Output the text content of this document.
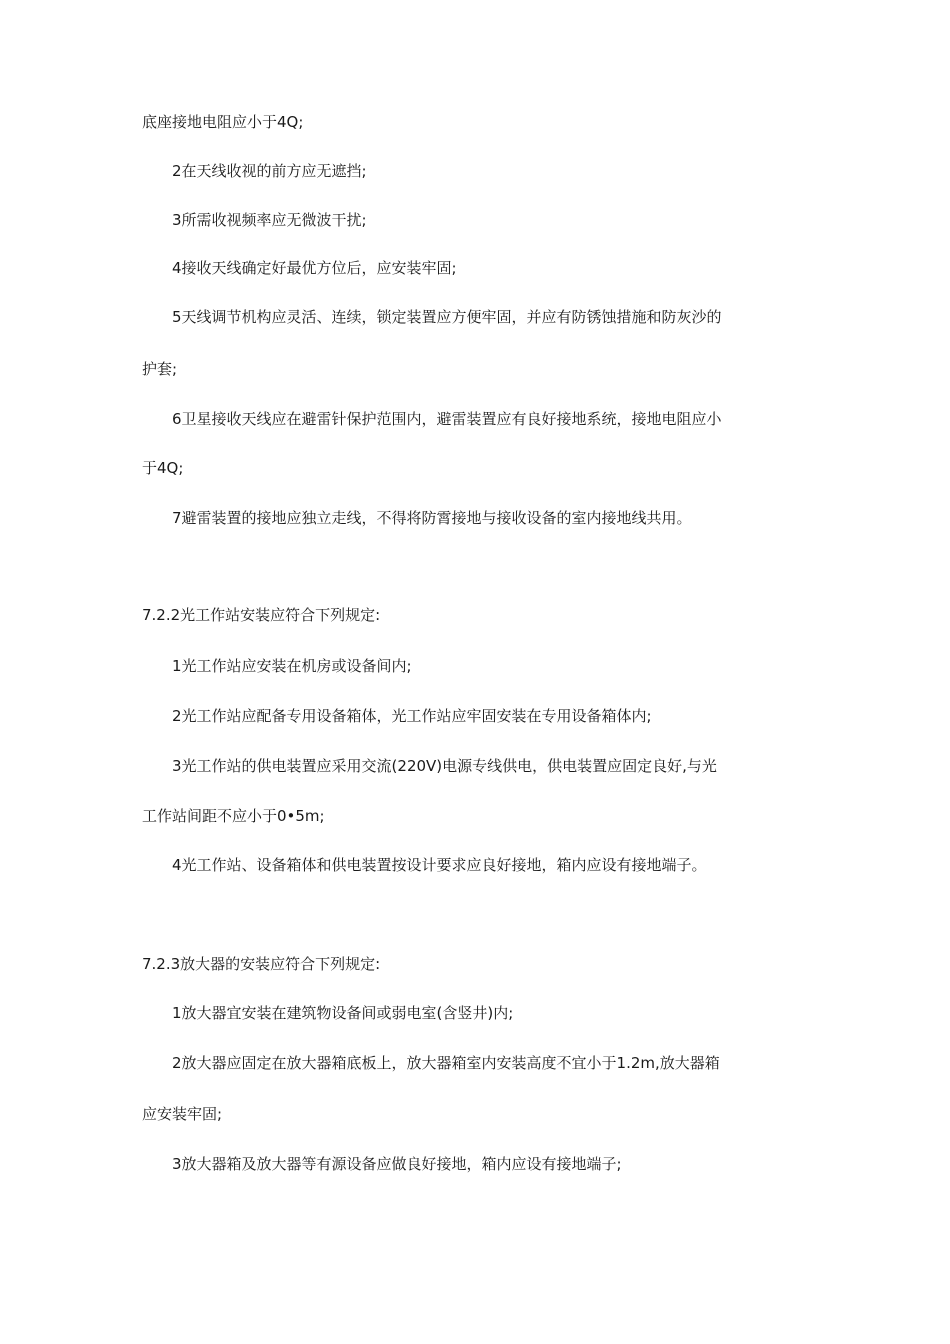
底座接地电阻应小于4Q;
2在天线收视的前方应无遮挡;
3所需收视频率应无微波干扰;
4接收天线确定好最优方位后，应安装牢固;
5天线调节机构应灵活、连续，锁定装置应方便牢固，并应有防锈蚀措施和防灰沙的
护套;
6卫星接收天线应在避雷针保护范围内，避雷装置应有良好接地系统，接地电阻应小
于4Q;
7避雷装置的接地应独立走线，不得将防霄接地与接收设备的室内接地线共用。
7.2.2光工作站安装应符合下列规定:
1光工作站应安装在机房或设备间内;
2光工作站应配备专用设备箱体，光工作站应牢固安装在专用设备箱体内;
3光工作站的供电装置应采用交流(220V)电源专线供电，供电装置应固定良好,与光
工作站间距不应小于0•5m;
4光工作站、设备箱体和供电装置按设计要求应良好接地，箱内应设有接地端子。
7.2.3放大器的安装应符合下列规定:
1放大器宜安装在建筑物设备间或弱电室(含竖井)内;
2放大器应固定在放大器箱底板上，放大器箱室内安装高度不宜小于1.2m,放大器箱
应安装牢固;
3放大器箱及放大器等有源设备应做良好接地，箱内应设有接地端子;
